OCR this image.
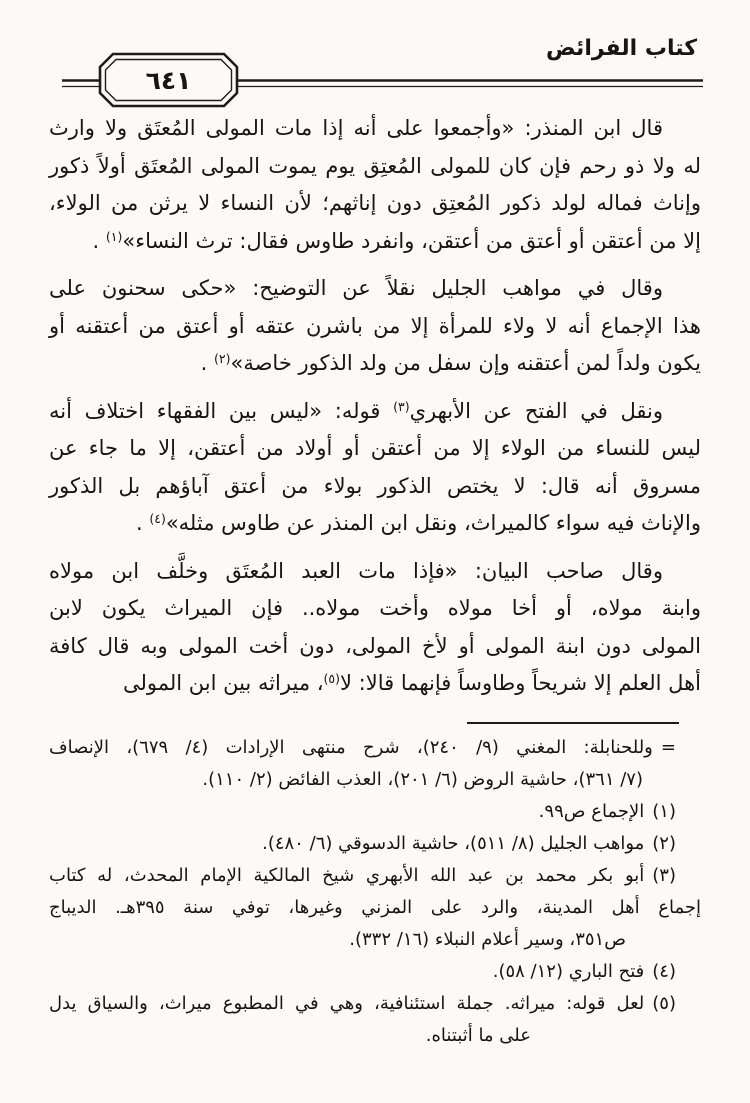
كتاب الفرائض
٦٤١
قال ابن المنذر: «وأجمعوا على أنه إذا مات المولى المُعتَق ولا وارث
له ولا ذو رحم فإن كان للمولى المُعتِق يوم يموت المولى المُعتَق أولاً ذكور
وإناث فماله لولد ذكور المُعتِق دون إناثهم؛ لأن النساء لا يرثن من الولاء،
إلا من أعتقن أو أعتق من أعتقن، وانفرد طاوس فقال: ترث النساء»$^{(١)}$ .
وقال في مواهب الجليل نقلاً عن التوضيح: «حكى سحنون على
هذا الإجماع أنه لا ولاء للمرأة إلا من باشرن عتقه أو أعتق من أعتقنه أو
يكون ولداً لمن أعتقنه وإن سفل من ولد الذكور خاصة»$^{(٢)}$ .
ونقل في الفتح عن الأبهري$^{(٣)}$ قوله: «ليس بين الفقهاء اختلاف أنه
ليس للنساء من الولاء إلا من أعتقن أو أولاد من أعتقن، إلا ما جاء عن
مسروق أنه قال: لا يختص الذكور بولاء من أعتق آباؤهم بل الذكور
والإناث فيه سواء كالميراث، ونقل ابن المنذر عن طاوس مثله»$^{(٤)}$ .
وقال صاحب البيان: «فإذا مات العبد المُعتَق وخلَّف ابن مولاه
وابنة مولاه، أو أخا مولاه وأخت مولاه.. فإن الميراث يكون لابن
المولى دون ابنة المولى أو لأخ المولى، دون أخت المولى وبه قال كافة
أهل العلم إلا شريحاً وطاوساً فإنهما قالا: لا$^{(٥)}$، ميراثه بين ابن المولى
=وللحنابلة: المغني (٩/ ٢٤٠)، شرح منتهى الإرادات (٤/ ٦٧٩)، الإنصاف
(٧/ ٣٦١)، حاشية الروض (٦/ ٢٠١)، العذب الفائض (٢/ ١١٠).
(١)الإجماع ص٩٩.
(٢)مواهب الجليل (٨/ ٥١١)، حاشية الدسوقي (٦/ ٤٨٠).
(٣)أبو بكر محمد بن عبد الله الأبهري شيخ المالكية الإمام المحدث، له كتاب
إجماع أهل المدينة، والرد على المزني وغيرها، توفي سنة ٣٩٥هـ. الديباج
ص٣٥١، وسير أعلام النبلاء (١٦/ ٣٣٢).
(٤)فتح الباري (١٢/ ٥٨).
(٥)لعل قوله: ميراثه. جملة استئنافية، وهي في المطبوع ميراث، والسياق يدل
على ما أثبتناه.
